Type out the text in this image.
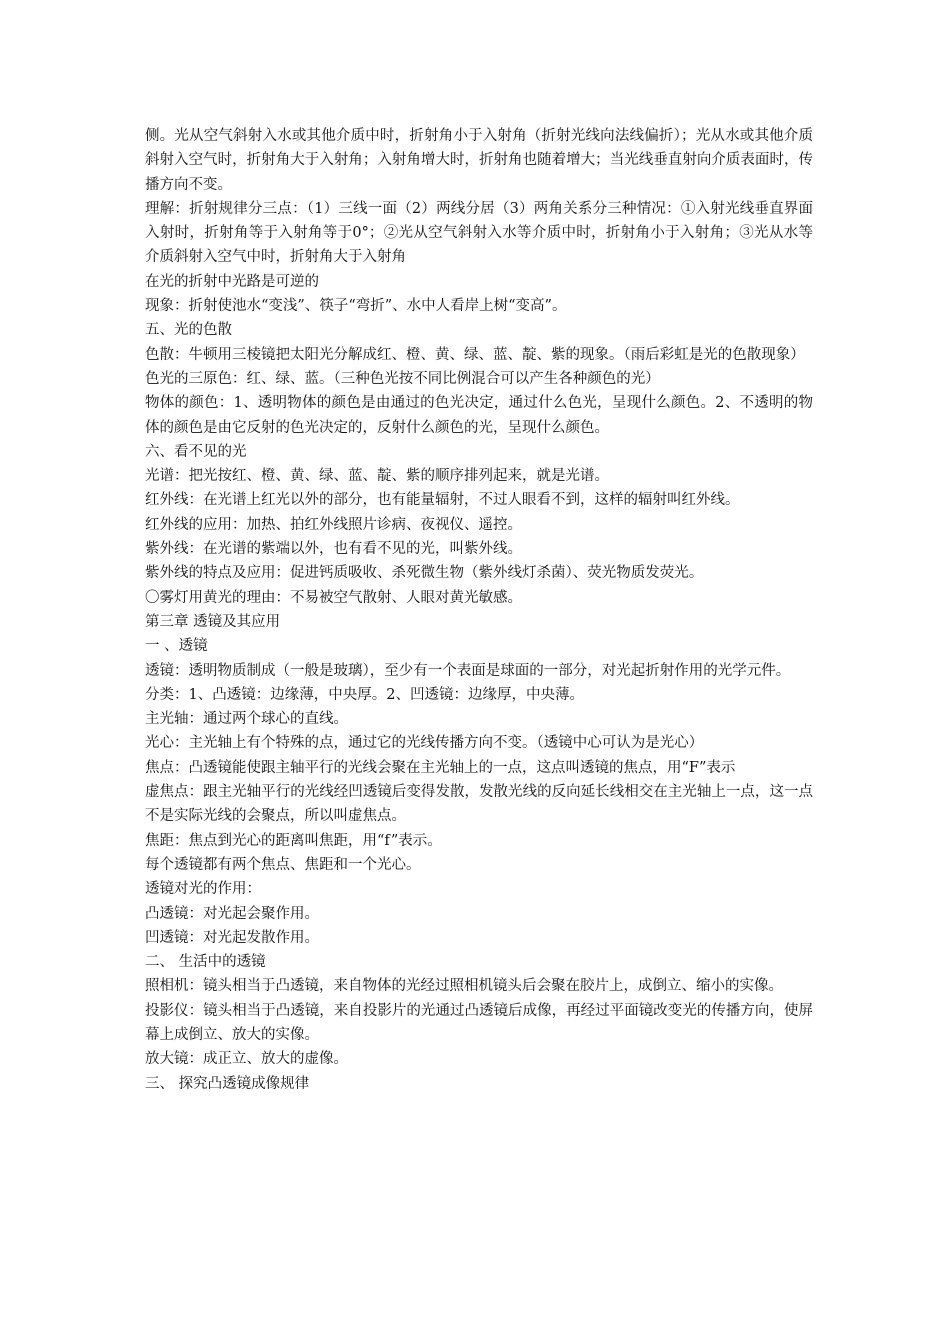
侧。光从空气斜射入水或其他介质中时，折射角小于入射角（折射光线向法线偏折）；光从水或其他介质斜射入空气时，折射角大于入射角；入射角增大时，折射角也随着增大；当光线垂直射向介质表面时，传播方向不变。

理解：折射规律分三点：（1）三线一面（2）两线分居（3）两角关系分三种情况：①入射光线垂直界面入射时，折射角等于入射角等于0°；②光从空气斜射入水等介质中时，折射角小于入射角；③光从水等介质斜射入空气中时，折射角大于入射角

在光的折射中光路是可逆的

现象：折射使池水“变浅”、筷子“弯折”、水中人看岸上树“变高”。

五、光的色散

色散：牛顿用三棱镜把太阳光分解成红、橙、黄、绿、蓝、靛、紫的现象。（雨后彩虹是光的色散现象）

色光的三原色：红、绿、蓝。（三种色光按不同比例混合可以产生各种颜色的光）

物体的颜色：1、透明物体的颜色是由通过的色光决定，通过什么色光，呈现什么颜色。2、不透明的物体的颜色是由它反射的色光决定的，反射什么颜色的光，呈现什么颜色。

六、看不见的光

光谱：把光按红、橙、黄、绿、蓝、靛、紫的顺序排列起来，就是光谱。

红外线：在光谱上红光以外的部分，也有能量辐射，不过人眼看不到，这样的辐射叫红外线。

红外线的应用：加热、拍红外线照片诊病、夜视仪、遥控。

紫外线：在光谱的紫端以外，也有看不见的光，叫紫外线。

紫外线的特点及应用：促进钙质吸收、杀死微生物（紫外线灯杀菌）、荧光物质发荧光。

〇雾灯用黄光的理由：不易被空气散射、人眼对黄光敏感。

第三章 透镜及其应用

一 、透镜

透镜：透明物质制成（一般是玻璃），至少有一个表面是球面的一部分，对光起折射作用的光学元件。

分类：1、凸透镜：边缘薄，中央厚。2、凹透镜：边缘厚，中央薄。

主光轴：通过两个球心的直线。

光心：主光轴上有个特殊的点，通过它的光线传播方向不变。（透镜中心可认为是光心）

焦点：凸透镜能使跟主轴平行的光线会聚在主光轴上的一点，这点叫透镜的焦点，用“F”表示

虚焦点：跟主光轴平行的光线经凹透镜后变得发散，发散光线的反向延长线相交在主光轴上一点，这一点不是实际光线的会聚点，所以叫虚焦点。

焦距：焦点到光心的距离叫焦距，用“f”表示。

每个透镜都有两个焦点、焦距和一个光心。

透镜对光的作用：

凸透镜：对光起会聚作用。

凹透镜：对光起发散作用。

二、 生活中的透镜

照相机：镜头相当于凸透镜，来自物体的光经过照相机镜头后会聚在胶片上，成倒立、缩小的实像。

投影仪：镜头相当于凸透镜，来自投影片的光通过凸透镜后成像，再经过平面镜改变光的传播方向，使屏幕上成倒立、放大的实像。

放大镜：成正立、放大的虚像。

三、 探究凸透镜成像规律
